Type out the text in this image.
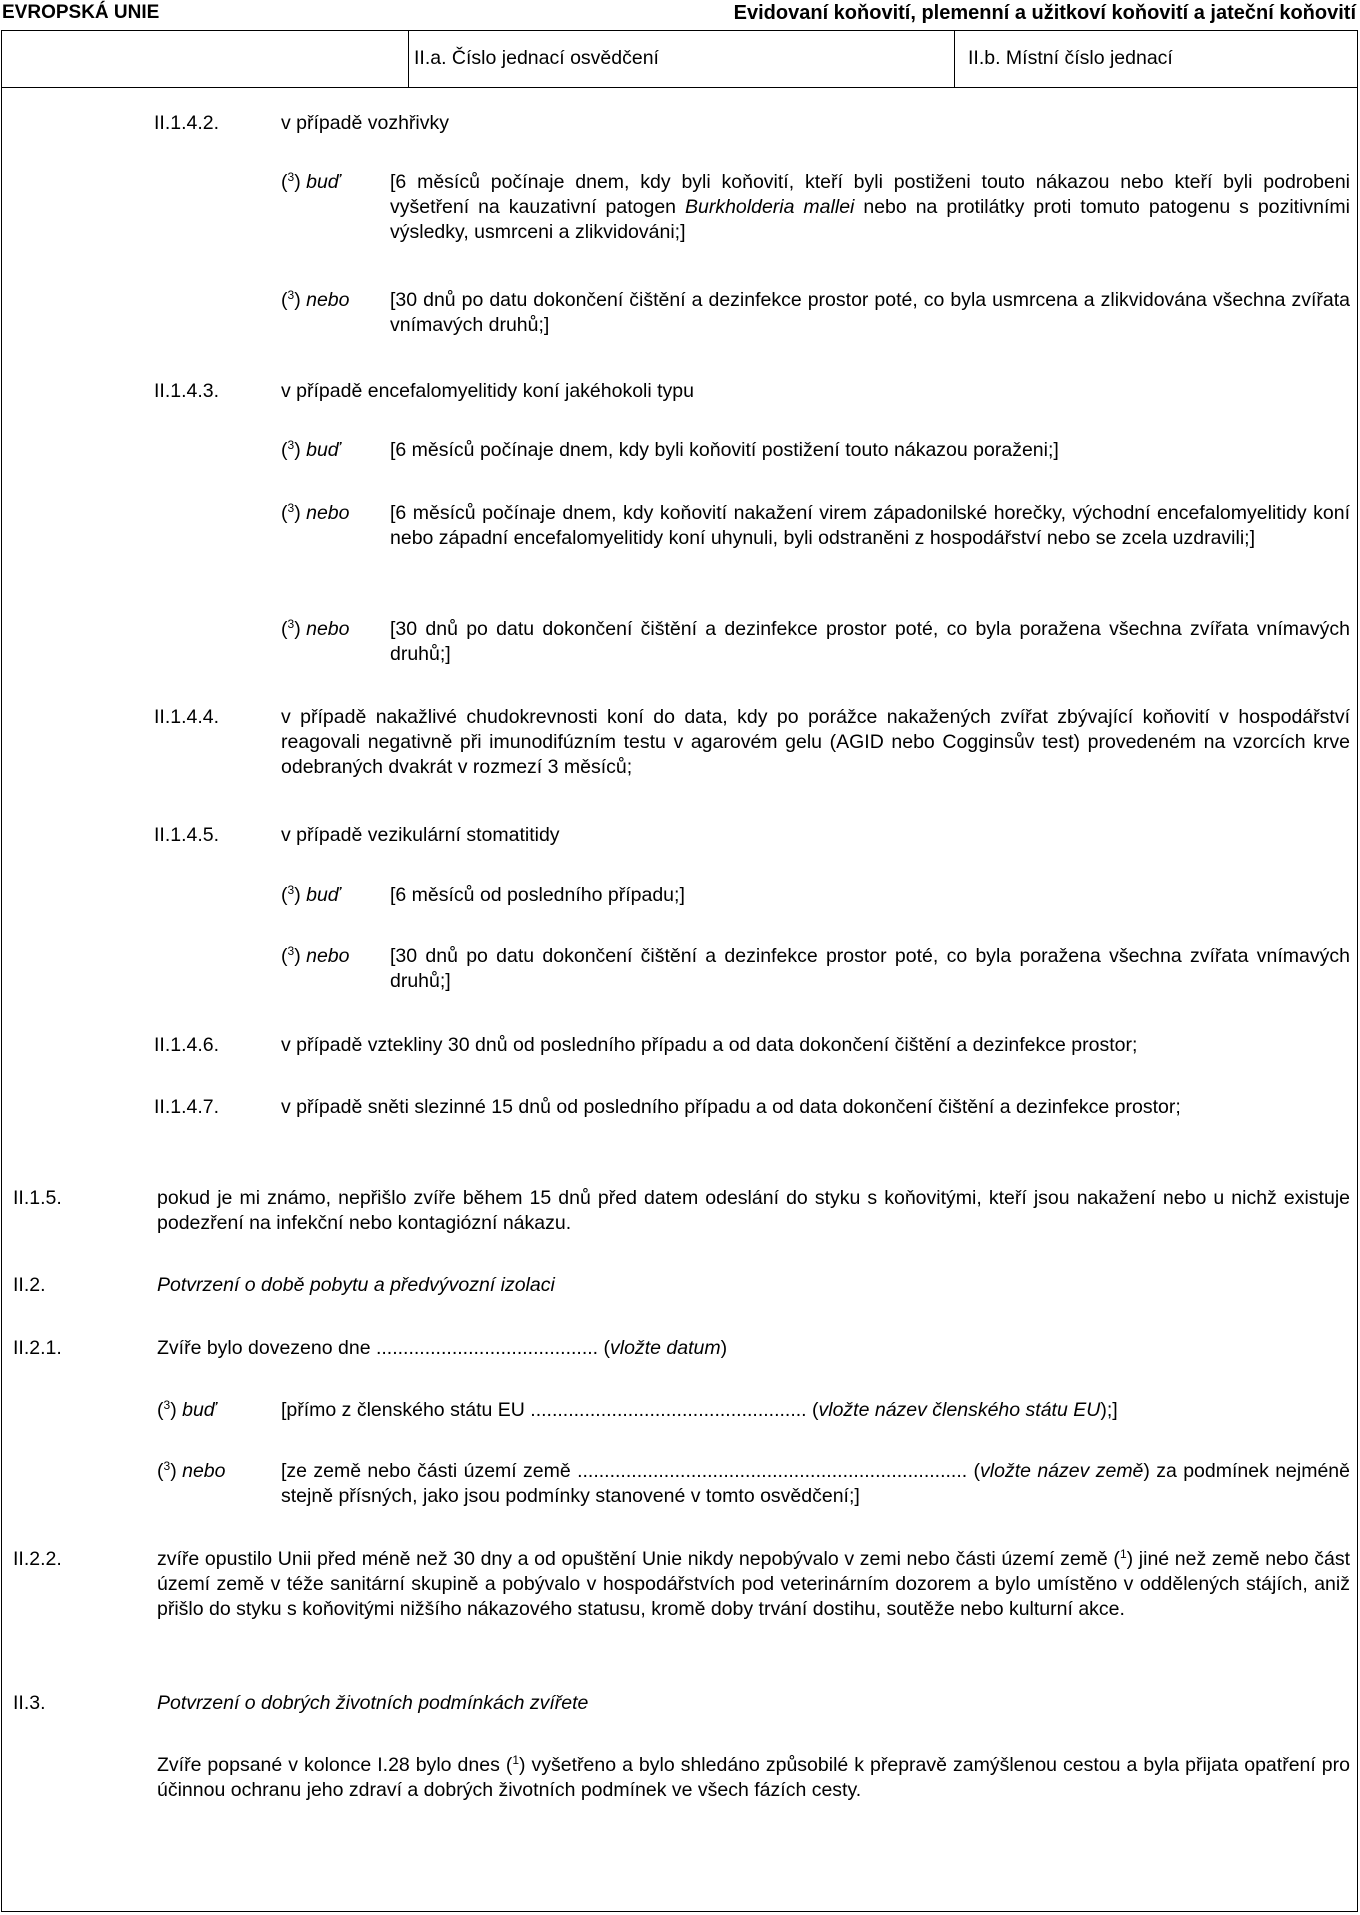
EVROPSKÁ UNIE	Evidovaní koňovití, plemenní a užitkoví koňovití a jateční koňovití
II.a. Číslo jednací osvědčení	II.b. Místní číslo jednací
II.1.4.2.	v případě vozhřivky
($^3$) buď	[6 měsíců počínaje dnem, kdy byli koňovití, kteří byli postiženi touto nákazou nebo kteří byli podrobeni vyšetření na kauzativní patogen Burkholderia mallei nebo na protilátky proti tomuto patogenu s pozitivními výsledky, usmrceni a zlikvidováni;]
($^3$) nebo [30 dnů po datu dokončení čištění a dezinfekce prostor poté, co byla usmrcena a zlikvidována všechna zvířata vnímavých druhů;]
II.1.4.3.	v případě encefalomyelitidy koní jakéhokoli typu
($^3$) buď	[6 měsíců počínaje dnem, kdy byli koňovití postižení touto nákazou poraženi;]
($^3$) nebo [6 měsíců počínaje dnem, kdy koňovití nakažení virem západonilské horečky, východní encefalomyelitidy koní nebo západní encefalomyelitidy koní uhynuli, byli odstraněni z hospodářství nebo se zcela uzdravili;]
($^3$) nebo [30 dnů po datu dokončení čištění a dezinfekce prostor poté, co byla poražena všechna zvířata vnímavých druhů;]
II.1.4.4.	v případě nakažlivé chudokrevnosti koní do data, kdy po porážce nakažených zvířat zbývající koňovití v hospodářství reagovali negativně při imunodifúzním testu v agarovém gelu (AGID nebo Cogginsův test) provedeném na vzorcích krve odebraných dvakrát v rozmezí 3 měsíců;
II.1.4.5.	v případě vezikulární stomatitidy
($^3$) buď	[6 měsíců od posledního případu;]
($^3$) nebo [30 dnů po datu dokončení čištění a dezinfekce prostor poté, co byla poražena všechna zvířata vnímavých druhů;]
II.1.4.6.	v případě vztekliny 30 dnů od posledního případu a od data dokončení čištění a dezinfekce prostor;
II.1.4.7.	v případě sněti slezinné 15 dnů od posledního případu a od data dokončení čištění a dezinfekce prostor;
II.1.5.	pokud je mi známo, nepřišlo zvíře během 15 dnů před datem odeslání do styku s koňovitými, kteří jsou nakažení nebo u nichž existuje podezření na infekční nebo kontagiózní nákazu.
II.2.	Potvrzení o době pobytu a předvývozní izolaci
II.2.1.	Zvíře bylo dovezeno dne ......................................... (vložte datum)
($^3$) buď	[přímo z členského státu EU ................................................... (vložte název členského státu EU);]
($^3$) nebo	[ze země nebo části území země ........................................................................ (vložte název země) za podmínek nejméně stejně přísných, jako jsou podmínky stanovené v tomto osvědčení;]
II.2.2.	zvíře opustilo Unii před méně než 30 dny a od opuštění Unie nikdy nepobývalo v zemi nebo části území země ($^1$) jiné než země nebo část území země v téže sanitární skupině a pobývalo v hospodářstvích pod veterinárním dozorem a bylo umístěno v oddělených stájích, aniž přišlo do styku s koňovitými nižšího nákazového statusu, kromě doby trvání dostihu, soutěže nebo kulturní akce.
II.3.	Potvrzení o dobrých životních podmínkách zvířete
Zvíře popsané v kolonce I.28 bylo dnes ($^1$) vyšetřeno a bylo shledáno způsobilé k přepravě zamýšlenou cestou a byla přijata opatření pro účinnou ochranu jeho zdraví a dobrých životních podmínek ve všech fázích cesty.
